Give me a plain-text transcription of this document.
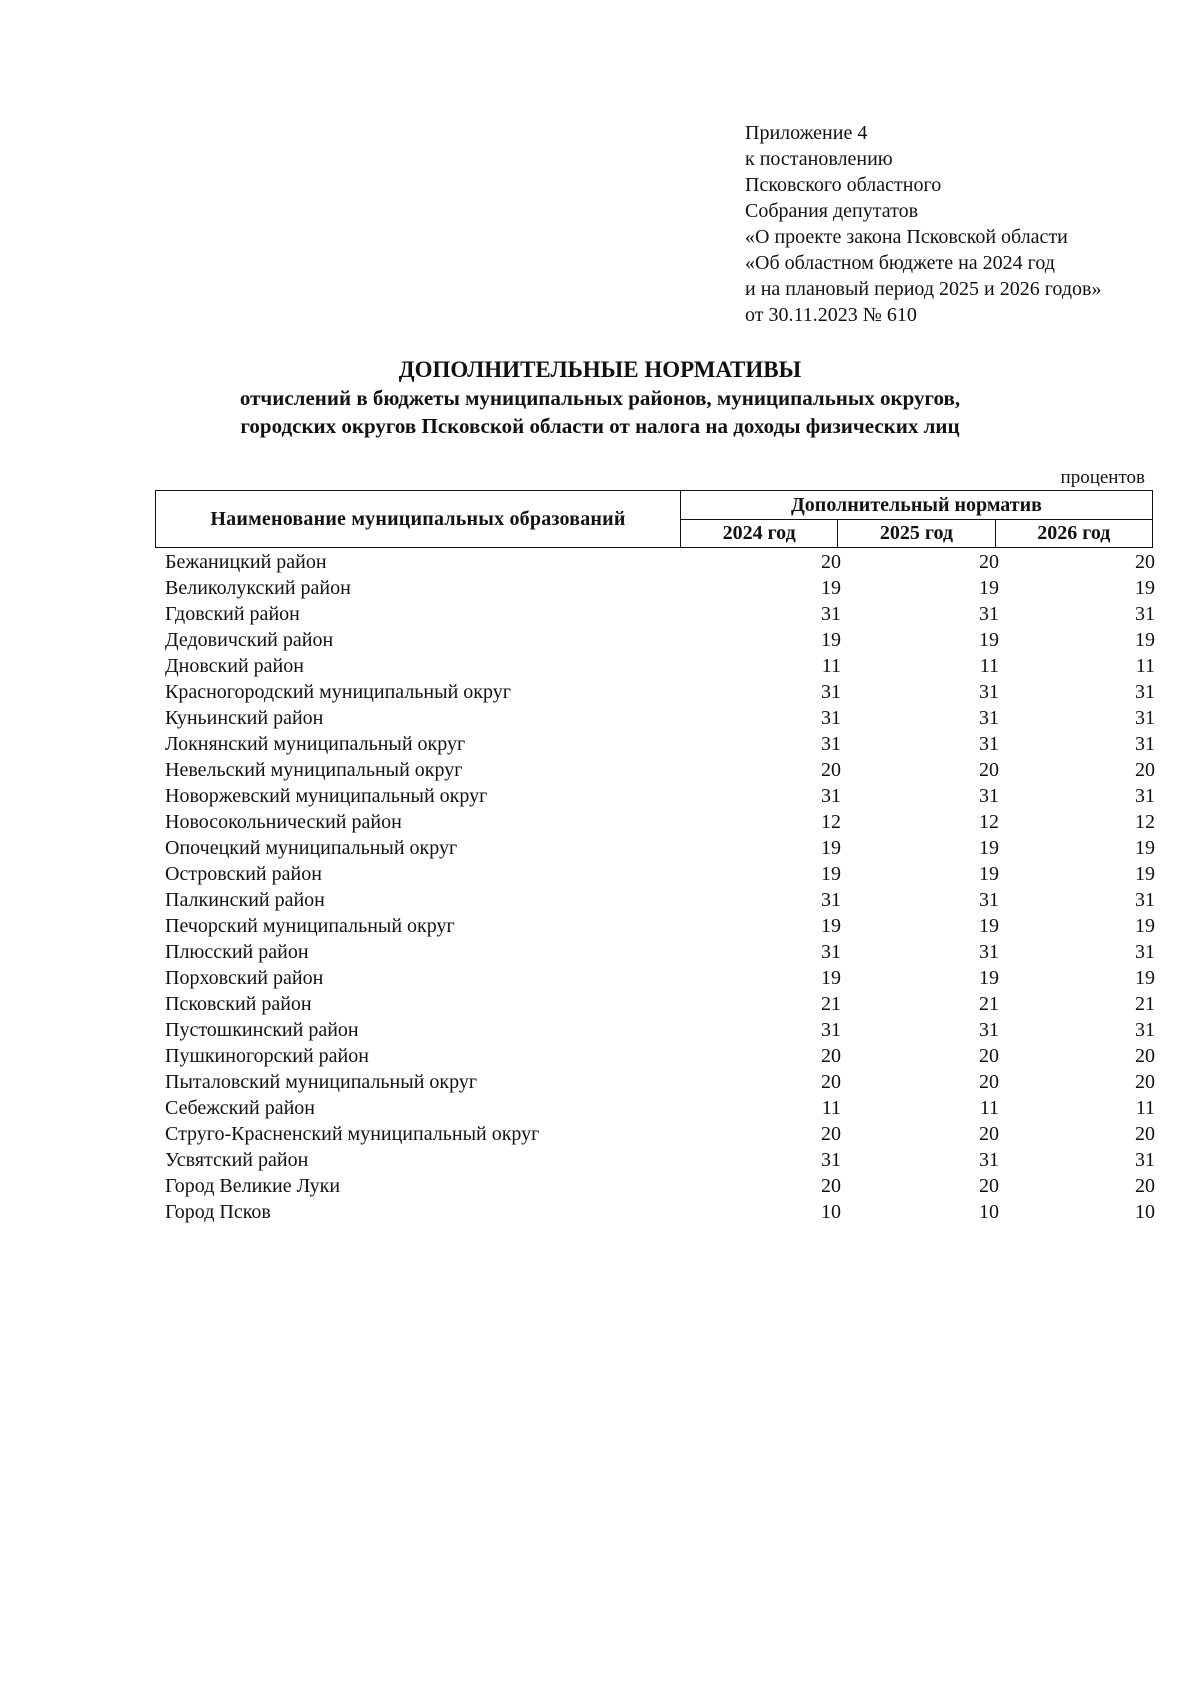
Приложение 4
к постановлению
Псковского областного
Собрания депутатов
«О проекте закона Псковской области
«Об областном бюджете на 2024 год
и на плановый период 2025 и 2026 годов»
от 30.11.2023 № 610
ДОПОЛНИТЕЛЬНЫЕ НОРМАТИВЫ
отчислений в бюджеты муниципальных районов, муниципальных округов,
городских округов Псковской области от налога на доходы физических лиц
процентов
Наименование муниципальных образований	Дополнительный норматив		
	2024 год	2025 год	2026 год
Бежаницкий район	20	20	20
Великолукский район	19	19	19
Гдовский район	31	31	31
Дедовичский район	19	19	19
Дновский район	11	11	11
Красногородский муниципальный округ	31	31	31
Куньинский район	31	31	31
Локнянский муниципальный округ	31	31	31
Невельский муниципальный округ	20	20	20
Новоржевский муниципальный округ	31	31	31
Новосокольнический район	12	12	12
Опочецкий муниципальный округ	19	19	19
Островский район	19	19	19
Палкинский район	31	31	31
Печорский муниципальный округ	19	19	19
Плюсский район	31	31	31
Порховский район	19	19	19
Псковский район	21	21	21
Пустошкинский район	31	31	31
Пушкиногорский район	20	20	20
Пыталовский муниципальный округ	20	20	20
Себежский район	11	11	11
Струго-Красненский муниципальный округ	20	20	20
Усвятский район	31	31	31
Город Великие Луки	20	20	20
Город Псков	10	10	10
